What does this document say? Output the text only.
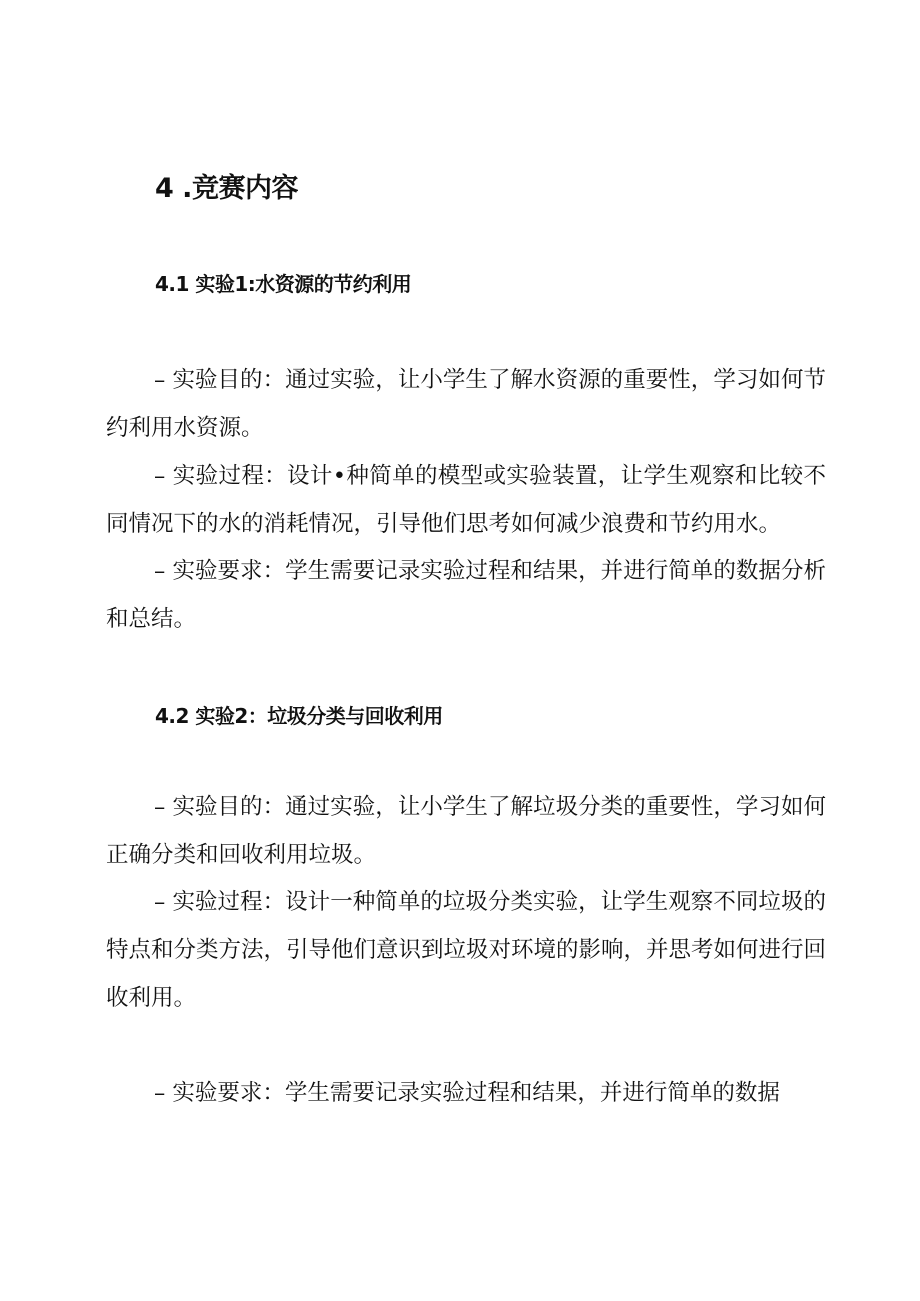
4 .竞赛内容
4.1 实验1:水资源的节约利用

– 实验目的：通过实验，让小学生了解水资源的重要性，学习如何节约利用水资源。

– 实验过程：设计•种简单的模型或实验装置，让学生观察和比较不同情况下的水的消耗情况，引导他们思考如何减少浪费和节约用水。

– 实验要求：学生需要记录实验过程和结果，并进行简单的数据分析和总结。

4.2 实验2：垃圾分类与回收利用

– 实验目的：通过实验，让小学生了解垃圾分类的重要性，学习如何正确分类和回收利用垃圾。

– 实验过程：设计一种简单的垃圾分类实验，让学生观察不同垃圾的特点和分类方法，引导他们意识到垃圾对环境的影响，并思考如何进行回收利用。

– 实验要求：学生需要记录实验过程和结果，并进行简单的数据
